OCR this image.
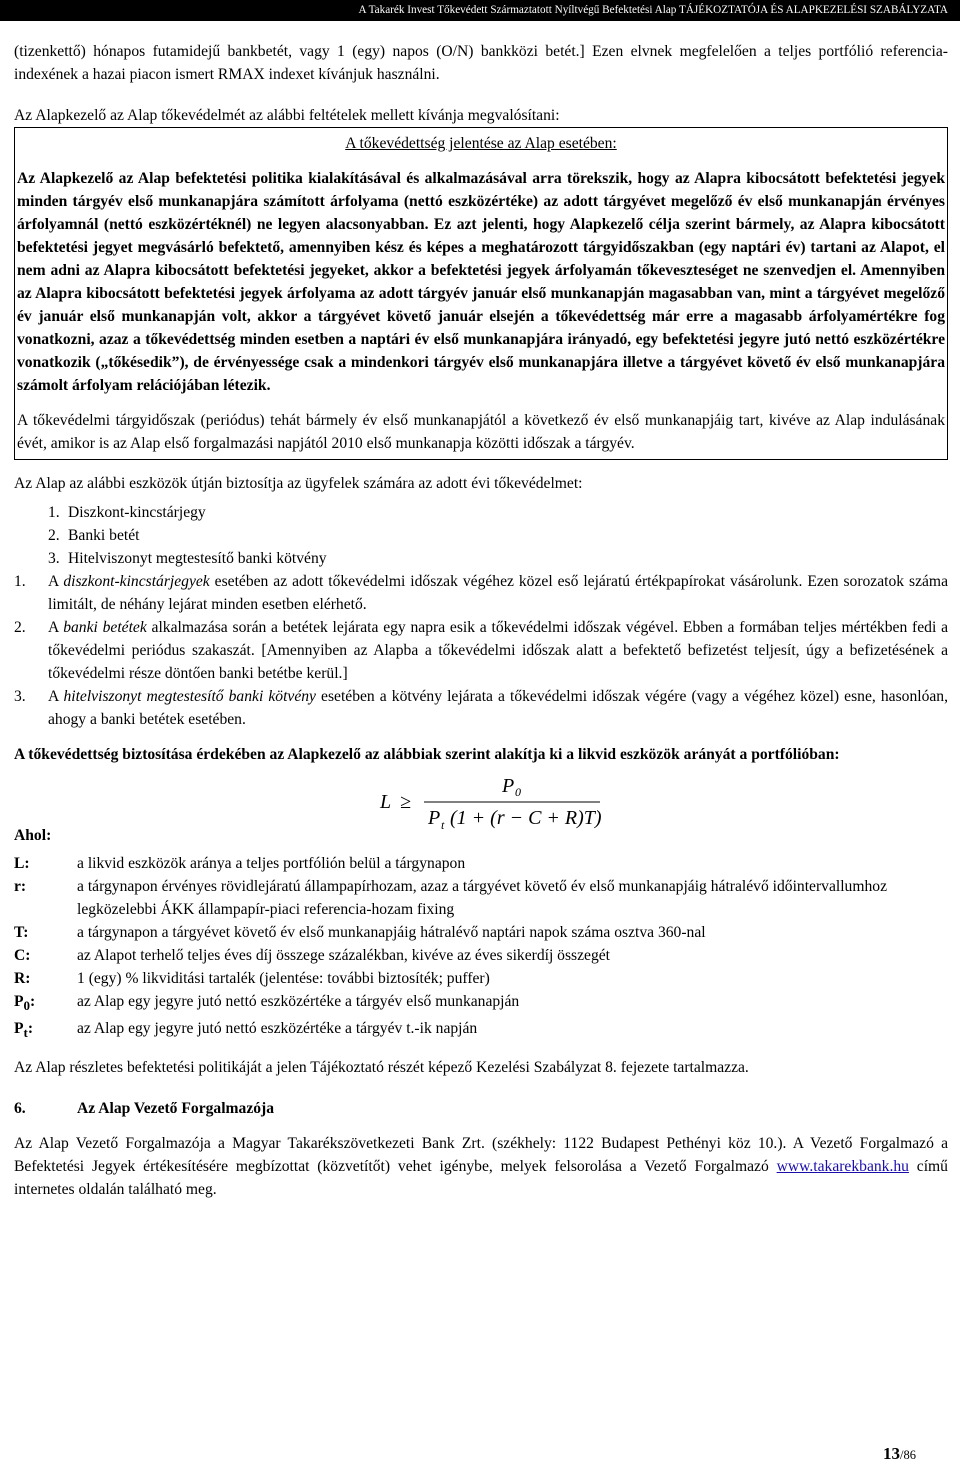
A Takarék Invest Tőkevédett Származtatott Nyíltvégű Befektetési Alap TÁJÉKOZTATÓJA ÉS ALAPKEZELÉSI SZABÁLYZATA

(tizenkettő) hónapos futamidejű bankbetét, vagy 1 (egy) napos (O/N) bankközi betét.] Ezen elvnek megfelelően a teljes portfólió referencia-indexének a hazai piacon ismert RMAX indexet kívánjuk használni.

Az Alapkezelő az Alap tőkevédelmét az alábbi feltételek mellett kívánja megvalósítani:

A tőkevédettség jelentése az Alap esetében:

Az Alapkezelő az Alap befektetési politika kialakításával és alkalmazásával arra törekszik, hogy az Alapra kibocsátott befektetési jegyek minden tárgyév első munkanapjára számított árfolyama (nettó eszközértéke) az adott tárgyévet megelőző év első munkanapján érvényes árfolyamnál (nettó eszközértéknél) ne legyen alacsonyabban. Ez azt jelenti, hogy Alapkezelő célja szerint bármely, az Alapra kibocsátott befektetési jegyet megvásárló befektető, amennyiben kész és képes a meghatározott tárgyidőszakban (egy naptári év) tartani az Alapot, el nem adni az Alapra kibocsátott befektetési jegyeket, akkor a befektetési jegyek árfolyamán tőkeveszteséget ne szenvedjen el. Amennyiben az Alapra kibocsátott befektetési jegyek árfolyama az adott tárgyév január első munkanapján magasabban van, mint a tárgyévet megelőző év január első munkanapján volt, akkor a tárgyévet követő január elsején a tőkevédettség már erre a magasabb árfolyamértékre fog vonatkozni, azaz a tőkevédettség minden esetben a naptári év első munkanapjára irányadó, egy befektetési jegyre jutó nettó eszközértékre vonatkozik („tőkésedik”), de érvényessége csak a mindenkori tárgyév első munkanapjára illetve a tárgyévet követő év első munkanapjára számolt árfolyam relációjában létezik.

A tőkevédelmi tárgyidőszak (periódus) tehát bármely év első munkanapjától a következő év első munkanapjáig tart, kivéve az Alap indulásának évét, amikor is az Alap első forgalmazási napjától 2010 első munkanapja közötti időszak a tárgyév.

Az Alap az alábbi eszközök útján biztosítja az ügyfelek számára az adott évi tőkevédelmet:

1. Diszkont-kincstárjegy
2. Banki betét
3. Hitelviszonyt megtestesítő banki kötvény
1.	A diszkont-kincstárjegyek esetében az adott tőkevédelmi időszak végéhez közel eső lejáratú értékpapírokat vásárolunk. Ezen sorozatok száma limitált, de néhány lejárat minden esetben elérhető.
2.	A banki betétek alkalmazása során a betétek lejárata egy napra esik a tőkevédelmi időszak végével. Ebben a formában teljes mértékben fedi a tőkevédelmi periódus szakaszát. [Amennyiben az Alapba a tőkevédelmi időszak alatt a befektető befizetést teljesít, úgy a befizetésének a tőkevédelmi része döntően banki betétbe kerül.]
3.	A hitelviszonyt megtestesítő banki kötvény esetében a kötvény lejárata a tőkevédelmi időszak végére (vagy a végéhez közel) esne, hasonlóan, ahogy a banki betétek esetében.

A tőkevédettség biztosítása érdekében az Alapkezelő az alábbiak szerint alakítja ki a likvid eszközök arányát a portfólióban:

L ≥
P 0
P t (1 + (r − C + R)T)
Ahol:
L:	a likvid eszközök aránya a teljes portfólión belül a tárgynapon
r:	a tárgynapon érvényes rövidlejáratú állampapírhozam, azaz a tárgyévet követő év első munkanapjáig hátralévő időintervallumhoz legközelebbi ÁKK állampapír-piaci referencia-hozam fixing
T:	a tárgynapon a tárgyévet követő év első munkanapjáig hátralévő naptári napok száma osztva 360-nal
C:	az Alapot terhelő teljes éves díj összege százalékban, kivéve az éves sikerdíj összegét
R:	1 (egy) % likviditási tartalék (jelentése: további biztosíték; puffer)
$P_0$:	az Alap egy jegyre jutó nettó eszközértéke a tárgyév első munkanapján
$P_t$:	az Alap egy jegyre jutó nettó eszközértéke a tárgyév t.-ik napján

Az Alap részletes befektetési politikáját a jelen Tájékoztató részét képező Kezelési Szabályzat 8. fejezete tartalmazza.

6.	Az Alap Vezető Forgalmazója

Az Alap Vezető Forgalmazója a Magyar Takarékszövetkezeti Bank Zrt. (székhely: 1122 Budapest Pethényi köz 10.). A Vezető Forgalmazó a Befektetési Jegyek értékesítésére megbízottat (közvetítőt) vehet igénybe, melyek felsorolása a Vezető Forgalmazó www.takarekbank.hu című internetes oldalán található meg.

13/86
